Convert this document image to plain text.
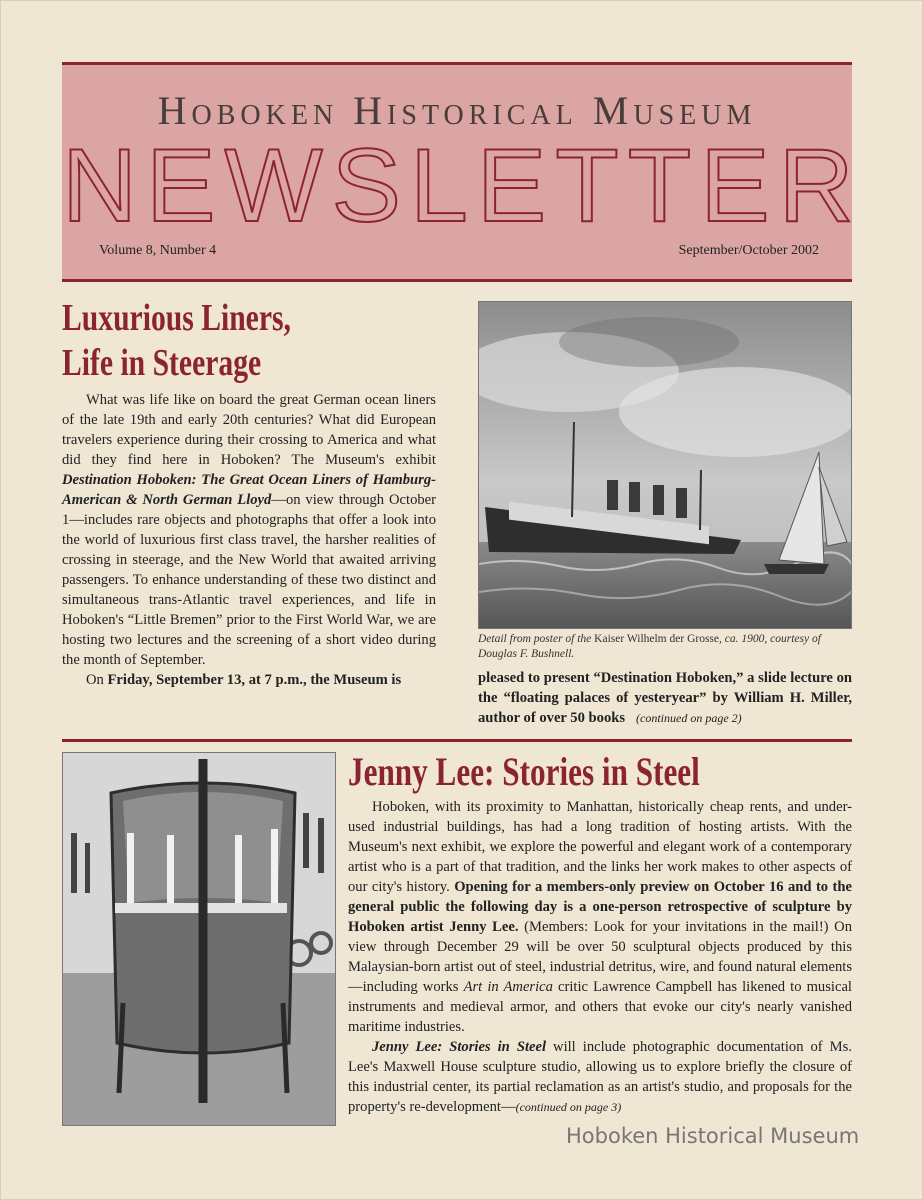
Hoboken Historical Museum
NEWSLETTER
Volume 8, Number 4	September/October 2002
Luxurious Liners,
Life in Steerage

What was life like on board the great German ocean liners of the late 19th and early 20th centuries? What did European travelers experience during their crossing to America and what did they find here in Hoboken? The Museum's exhibit Destination Hoboken: The Great Ocean Liners of Hamburg-American & North German Lloyd—on view through October 1—includes rare objects and photographs that offer a look into the world of luxurious first class travel, the harsher realities of crossing in steerage, and the New World that awaited arriving passengers. To enhance understanding of these two distinct and simultaneous trans-Atlantic travel experiences, and life in Hoboken's “Little Bremen” prior to the First World War, we are hosting two lectures and the screening of a short video during the month of September.

On Friday, September 13, at 7 p.m., the Museum is

Detail from poster of the Kaiser Wilhelm der Grosse, ca. 1900, courtesy of Douglas F. Bushnell.
pleased to present “Destination Hoboken,” a slide lecture on the “floating palaces of yesteryear” by William H. Miller, author of over 50 books (continued on page 2)
Jenny Lee: Stories in Steel

Hoboken, with its proximity to Manhattan, historically cheap rents, and under-used industrial buildings, has had a long tradition of hosting artists. With the Museum's next exhibit, we explore the powerful and elegant work of a contemporary artist who is a part of that tradition, and the links her work makes to other aspects of our city's history. Opening for a members-only preview on October 16 and to the general public the following day is a one-person retrospective of sculpture by Hoboken artist Jenny Lee. (Members: Look for your invitations in the mail!) On view through December 29 will be over 50 sculptural objects produced by this Malaysian-born artist out of steel, industrial detritus, wire, and found natural elements—including works Art in America critic Lawrence Campbell has likened to musical instruments and medieval armor, and others that evoke our city's nearly vanished maritime industries.

Jenny Lee: Stories in Steel will include photographic documentation of Ms. Lee's Maxwell House sculpture studio, allowing us to explore briefly the closure of this industrial center, its partial reclamation as an artist's studio, and proposals for the property's re-development—(continued on page 3)

Hoboken Historical Museum
